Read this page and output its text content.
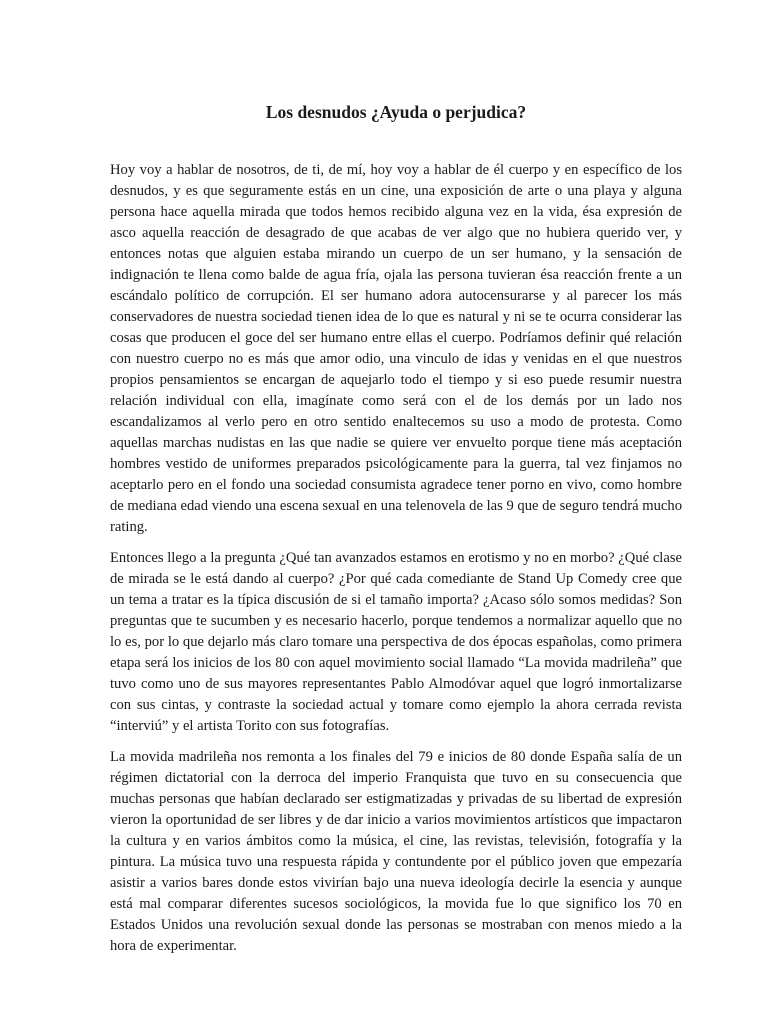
Los desnudos ¿Ayuda o perjudica?

Hoy voy a hablar de nosotros, de ti, de mí, hoy voy a hablar de él cuerpo y en específico de los desnudos, y es que seguramente estás en un cine, una exposición de arte o una playa y alguna persona hace aquella mirada que todos hemos recibido alguna vez en la vida, ésa expresión de asco aquella reacción de desagrado de que acabas de ver algo que no hubiera querido ver, y entonces notas que alguien estaba mirando un cuerpo de un ser humano, y la sensación de indignación te llena como balde de agua fría, ojala las persona tuvieran ésa reacción frente a un escándalo político de corrupción. El ser humano adora autocensurarse y al parecer los más conservadores de nuestra sociedad tienen idea de lo que es natural y ni se te ocurra considerar las cosas que producen el goce del ser humano entre ellas el cuerpo. Podríamos definir qué relación con nuestro cuerpo no es más que amor odio, una vinculo de idas y venidas en el que nuestros propios pensamientos se encargan de aquejarlo todo el tiempo y si eso puede resumir nuestra relación individual con ella, imagínate como será con el de los demás por un lado nos escandalizamos al verlo pero en otro sentido enaltecemos su uso a modo de protesta. Como aquellas marchas nudistas en las que nadie se quiere ver envuelto porque tiene más aceptación hombres vestido de uniformes preparados psicológicamente para la guerra, tal vez finjamos no aceptarlo pero en el fondo una sociedad consumista agradece tener porno en vivo, como hombre de mediana edad viendo una escena sexual en una telenovela de las 9 que de seguro tendrá mucho rating.

Entonces llego a la pregunta ¿Qué tan avanzados estamos en erotismo y no en morbo? ¿Qué clase de mirada se le está dando al cuerpo? ¿Por qué cada comediante de Stand Up Comedy cree que un tema a tratar es la típica discusión de si el tamaño importa? ¿Acaso sólo somos medidas? Son preguntas que te sucumben y es necesario hacerlo, porque tendemos a normalizar aquello que no lo es, por lo que dejarlo más claro tomare una perspectiva de dos épocas españolas, como primera etapa será los inicios de los 80 con aquel movimiento social llamado “La movida madrileña” que tuvo como uno de sus mayores representantes Pablo Almodóvar aquel que logró inmortalizarse con sus cintas, y contraste la sociedad actual y tomare como ejemplo la ahora cerrada revista “interviú” y el artista Torito con sus fotografías.

La movida madrileña nos remonta a los finales del 79 e inicios de 80 donde España salía de un régimen dictatorial con la derroca del imperio Franquista que tuvo en su consecuencia que muchas personas que habían declarado ser estigmatizadas y privadas de su libertad de expresión vieron la oportunidad de ser libres y de dar inicio a varios movimientos artísticos que impactaron la cultura y en varios ámbitos como la música, el cine, las revistas, televisión, fotografía y la pintura. La música tuvo una respuesta rápida y contundente por el público joven que empezaría asistir a varios bares donde estos vivirían bajo una nueva ideología decirle la esencia y aunque está mal comparar diferentes sucesos sociológicos, la movida fue lo que significo los 70 en Estados Unidos una revolución sexual donde las personas se mostraban con menos miedo a la hora de experimentar.
